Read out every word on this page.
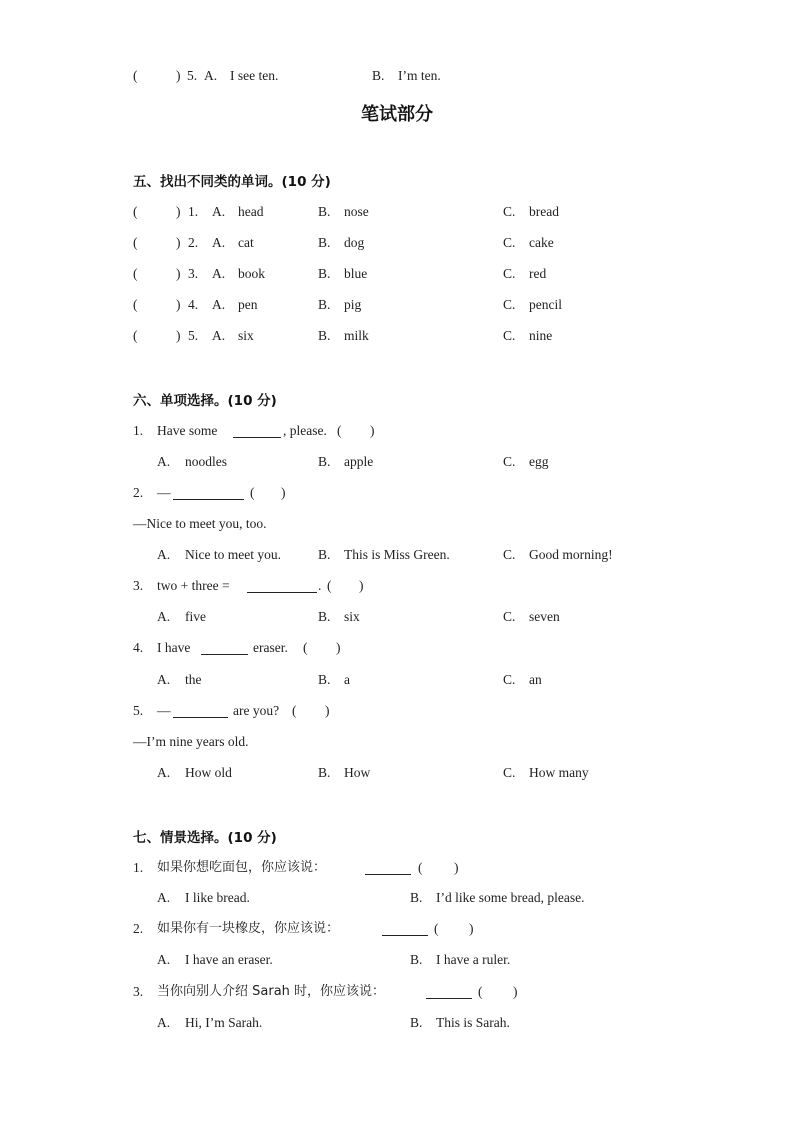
(	) 5. A. I see ten.	B. I’m ten.
笔试部分
五、找出不同类的单词。(10 分)
(	) 1. A. head	B. nose	C. bread
(	) 2. A. cat	B. dog	C. cake
(	) 3. A. book	B. blue	C. red
(	) 4. A. pen	B. pig	C. pencil
(	) 5. A. six	B. milk	C. nine
六、单项选择。(10 分)
1. Have some	, please. ( )
A. noodles	B. apple	C. egg
2. —	( )
—Nice to meet you, too.
A. Nice to meet you.	B. This is Miss Green.	C. Good morning!
3. two + three =	. ( )
A. five	B. six	C. seven
4. I have	eraser. ( )
A. the	B. a	C. an
5. —	are you? ( )
—I’m nine years old.
A. How old	B. How	C. How many
七、情景选择。(10 分)
1. 如果你想吃面包，你应该说：	( )
A. I like bread.	B. I’d like some bread, please.
2. 如果你有一块橡皮，你应该说：	( )
A. I have an eraser.	B. I have a ruler.
3. 当你向别人介绍 Sarah 时，你应该说：	( )
A. Hi, I’m Sarah.	B. This is Sarah.
